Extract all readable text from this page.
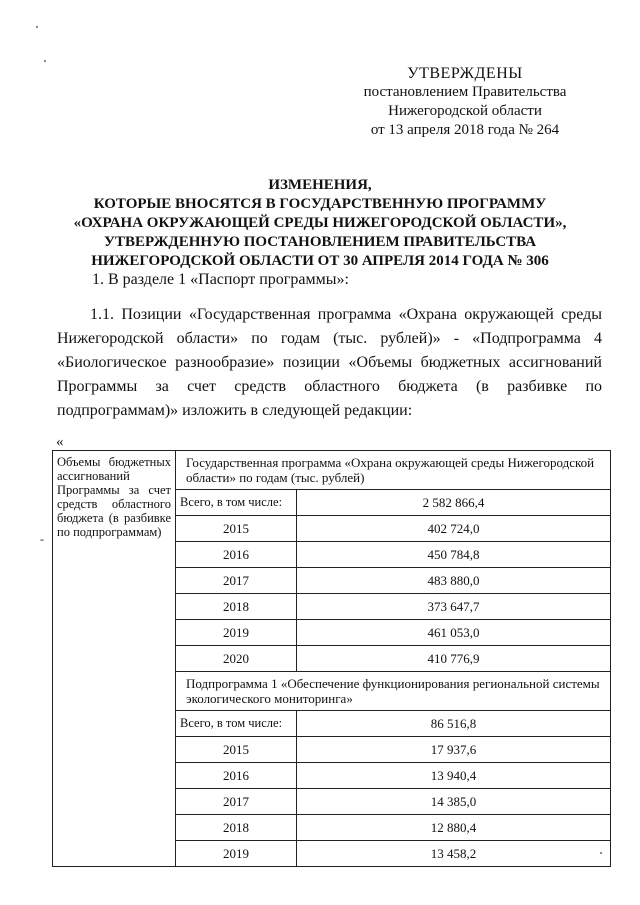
УТВЕРЖДЕНЫ
постановлением Правительства
Нижегородской области
от 13 апреля 2018 года № 264
ИЗМЕНЕНИЯ,
КОТОРЫЕ ВНОСЯТСЯ В ГОСУДАРСТВЕННУЮ ПРОГРАММУ
«ОХРАНА ОКРУЖАЮЩЕЙ СРЕДЫ НИЖЕГОРОДСКОЙ ОБЛАСТИ»,
УТВЕРЖДЕННУЮ ПОСТАНОВЛЕНИЕМ ПРАВИТЕЛЬСТВА
НИЖЕГОРОДСКОЙ ОБЛАСТИ ОТ 30 АПРЕЛЯ 2014 ГОДА № 306
1. В разделе 1 «Паспорт программы»:
1.1. Позиции «Государственная программа «Охрана окружающей среды Нижегородской области» по годам (тыс. рублей)» - «Подпрограмма 4 «Биологическое разнообразие» позиции «Объемы бюджетных ассигнований Программы за счет средств областного бюджета (в разбивке по подпрограммам)» изложить в следующей редакции:
«
-
Объемы бюджетных ассигнований Программы за счет средств областного бюджета (в разбивке по подпрограммам)	Государственная программа «Охрана окружающей среды Нижегородской области» по годам (тыс. рублей)	
	Всего, в том числе:	2 582 866,4
	2015	402 724,0
	2016	450 784,8
	2017	483 880,0
	2018	373 647,7
	2019	461 053,0
	2020	410 776,9
	Подпрограмма 1 «Обеспечение функционирования региональной системы экологического мониторинга»	
	Всего, в том числе:	86 516,8
	2015	17 937,6
	2016	13 940,4
	2017	14 385,0
	2018	12 880,4
	2019	13 458,2
